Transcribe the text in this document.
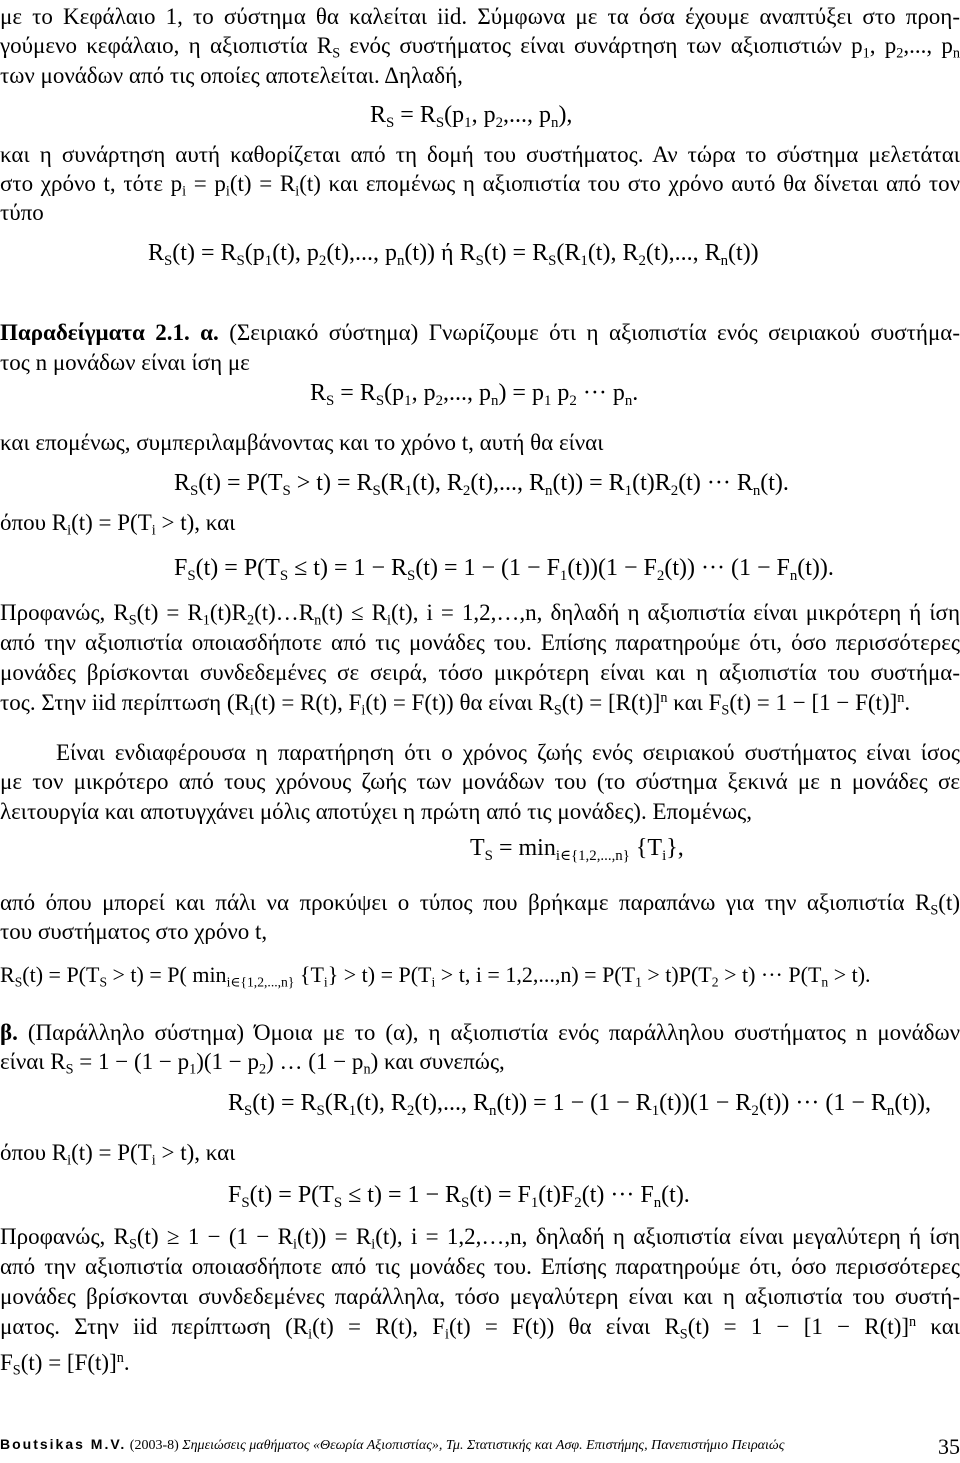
με το Κεφάλαιο 1, το σύστημα θα καλείται iid. Σύμφωνα με τα όσα έχουμε αναπτύξει στο προη-

γούμενο κεφάλαιο, η αξιοπιστία $R_S$ ενός συστήματος είναι συνάρτηση των αξιοπιστιών $p_1$, $p_2$,..., $p_n$

των μονάδων από τις οποίες αποτελείται. Δηλαδή,

$R_S = R_S(p_1$, $p_2$,..., $p_n$),

και η συνάρτηση αυτή καθορίζεται από τη δομή του συστήματος. Αν τώρα το σύστημα μελετάται

στο χρόνο t, τότε $p_i = p_i(t) = R_i(t)$ και επομένως η αξιοπιστία του στο χρόνο αυτό θα δίνεται από τον

τύπο

$R_S(t) = R_S(p_1(t)$, $p_2(t)$,..., $p_n(t)$) ή $R_S(t) = R_S(R_1(t)$, $R_2(t)$,..., $R_n(t)$)

Παραδείγματα 2.1. α. (Σειριακό σύστημα) Γνωρίζουμε ότι η αξιοπιστία ενός σειριακού συστήμα-

τος n μονάδων είναι ίση με

$R_S = R_S(p_1$, $p_2$,..., $p_n) = p_1$ $p_2$ ··· $p_n$.

και επομένως, συμπεριλαμβάνοντας και το χρόνο t, αυτή θα είναι

$R_S(t) = P(T_S > t) = R_S(R_1(t)$, $R_2(t)$,..., $R_n(t)) = R_1(t)R_2(t)$ ··· $R_n(t)$.

όπου $R_i(t) = P(T_i > t)$, και

$F_S(t) = P(T_S \le t) = 1 - R_S(t) = 1 - (1 - F_1(t))(1 - F_2(t))$ ··· $(1 - F_n(t))$.

Προφανώς, $R_S(t)$ = $R_1(t)R_2(t)\dots R_n(t) \le R_i(t)$, i = 1,2,…,n, δηλαδή η αξιοπιστία είναι μικρότερη ή ίση

από την αξιοπιστία οποιασδήποτε από τις μονάδες του. Επίσης παρατηρούμε ότι, όσο περισσότερες

μονάδες βρίσκονται συνδεδεμένες σε σειρά, τόσο μικρότερη είναι και η αξιοπιστία του συστήμα-

τος. Στην iid περίπτωση ($R_i(t) = R(t)$, $F_i(t) = F(t)$) θα είναι $R_S(t) = [R(t)]^n$ και $F_S(t) = 1 - [1 - F(t)]^n$.

Είναι ενδιαφέρουσα η παρατήρηση ότι ο χρόνος ζωής ενός σειριακού συστήματος είναι ίσος

με τον μικρότερο από τους χρόνους ζωής των μονάδων του (το σύστημα ξεκινά με n μονάδες σε

λειτουργία και αποτυγχάνει μόλις αποτύχει η πρώτη από τις μονάδες). Επομένως,

$T_S = \min_{i\in\{1,2,...,n\}} \{T_i\}$,

από όπου μπορεί και πάλι να προκύψει ο τύπος που βρήκαμε παραπάνω για την αξιοπιστία $R_S(t)$

του συστήματος στο χρόνο t,

$R_S(t) = P(T_S > t) = P$( $\min_{i\in\{1,2,...,n\}} \{T_i\} > t) = P(T_i > t$, $i = 1,2,...,n) = P(T_1 > t)P(T_2 > t)$ ··· $P(T_n > t)$.

β. (Παράλληλο σύστημα) Όμοια με το (α), η αξιοπιστία ενός παράλληλου συστήματος n μονάδων

είναι $R_S = 1 - (1 - p_1)(1 - p_2)$ … $(1 - p_n)$ και συνεπώς,

$R_S(t) = R_S(R_1(t)$, $R_2(t)$,..., $R_n(t)) = 1 - (1 - R_1(t))(1 - R_2(t))$ ··· $(1 - R_n(t))$,

όπου $R_i(t) = P(T_i > t)$, και

$F_S(t) = P(T_S \le t) = 1 - R_S(t) = F_1(t)F_2(t)$ ··· $F_n(t)$.

Προφανώς, $R_S(t) \ge 1 - (1 - R_i(t)) = R_i(t)$, i = 1,2,…,n, δηλαδή η αξιοπιστία είναι μεγαλύτερη ή ίση

από την αξιοπιστία οποιασδήποτε από τις μονάδες του. Επίσης παρατηρούμε ότι, όσο περισσότερες

μονάδες βρίσκονται συνδεδεμένες παράλληλα, τόσο μεγαλύτερη είναι και η αξιοπιστία του συστή-

ματος. Στην iid περίπτωση ($R_i(t) = R(t)$, $F_i(t) = F(t)$) θα είναι $R_S(t) = 1 - [1 - R(t)]^n$ και

$F_S(t) = [F(t)]^n$.

Boutsikas M.V. (2003-8) Σημειώσεις μαθήματος «Θεωρία Αξιοπιστίας», Τμ. Στατιστικής και Ασφ. Επιστήμης, Πανεπιστήμιο Πειραιώς	35
